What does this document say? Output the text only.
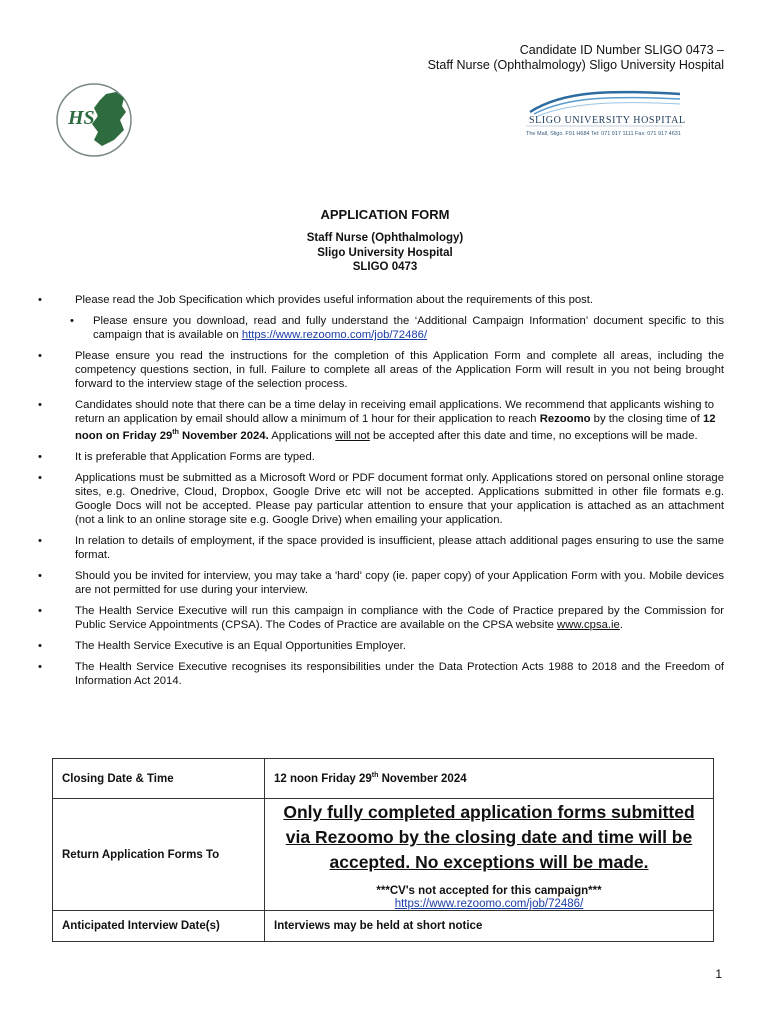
Candidate ID Number SLIGO 0473 –
Staff Nurse (Ophthalmology) Sligo University Hospital
HSE	SLIGO UNIVERSITY HOSPITAL
The Mall, Sligo. F91 H684 Tel: 071 917 1111 Fax: 071 917 4631
APPLICATION FORM
Staff Nurse (Ophthalmology)
Sligo University Hospital
SLIGO 0473
•	Please read the Job Specification which provides useful information about the requirements of this post.
• Please ensure you download, read and fully understand the ‘Additional Campaign Information’ document specific to this campaign that is available on https://www.rezoomo.com/job/72486/
•	Please ensure you read the instructions for the completion of this Application Form and complete all areas, including the competency questions section, in full. Failure to complete all areas of the Application Form will result in you not being brought forward to the interview stage of the selection process.
•	Candidates should note that there can be a time delay in receiving email applications. We recommend that applicants wishing to return an application by email should allow a minimum of 1 hour for their application to reach Rezoomo by the closing time of 12 noon on Friday 29th November 2024. Applications will not be accepted after this date and time, no exceptions will be made.
•	It is preferable that Application Forms are typed.
•	Applications must be submitted as a Microsoft Word or PDF document format only. Applications stored on personal online storage sites, e.g. Onedrive, Cloud, Dropbox, Google Drive etc will not be accepted. Applications submitted in other file formats e.g. Google Docs will not be accepted. Please pay particular attention to ensure that your application is attached as an attachment (not a link to an online storage site e.g. Google Drive) when emailing your application.
•	In relation to details of employment, if the space provided is insufficient, please attach additional pages ensuring to use the same format.
•	Should you be invited for interview, you may take a 'hard' copy (ie. paper copy) of your Application Form with you. Mobile devices are not permitted for use during your interview.
•	The Health Service Executive will run this campaign in compliance with the Code of Practice prepared by the Commission for Public Service Appointments (CPSA). The Codes of Practice are available on the CPSA website www.cpsa.ie.
•	The Health Service Executive is an Equal Opportunities Employer.
•	The Health Service Executive recognises its responsibilities under the Data Protection Acts 1988 to 2018 and the Freedom of Information Act 2014.
Closing Date & Time	12 noon Friday 29th November 2024
Return Application Forms To	Only fully completed application forms submitted via Rezoomo by the closing date and time will be accepted. No exceptions will be made.
***CV's not accepted for this campaign***
https://www.rezoomo.com/job/72486/

Anticipated Interview Date(s)	Interviews may be held at short notice
1
